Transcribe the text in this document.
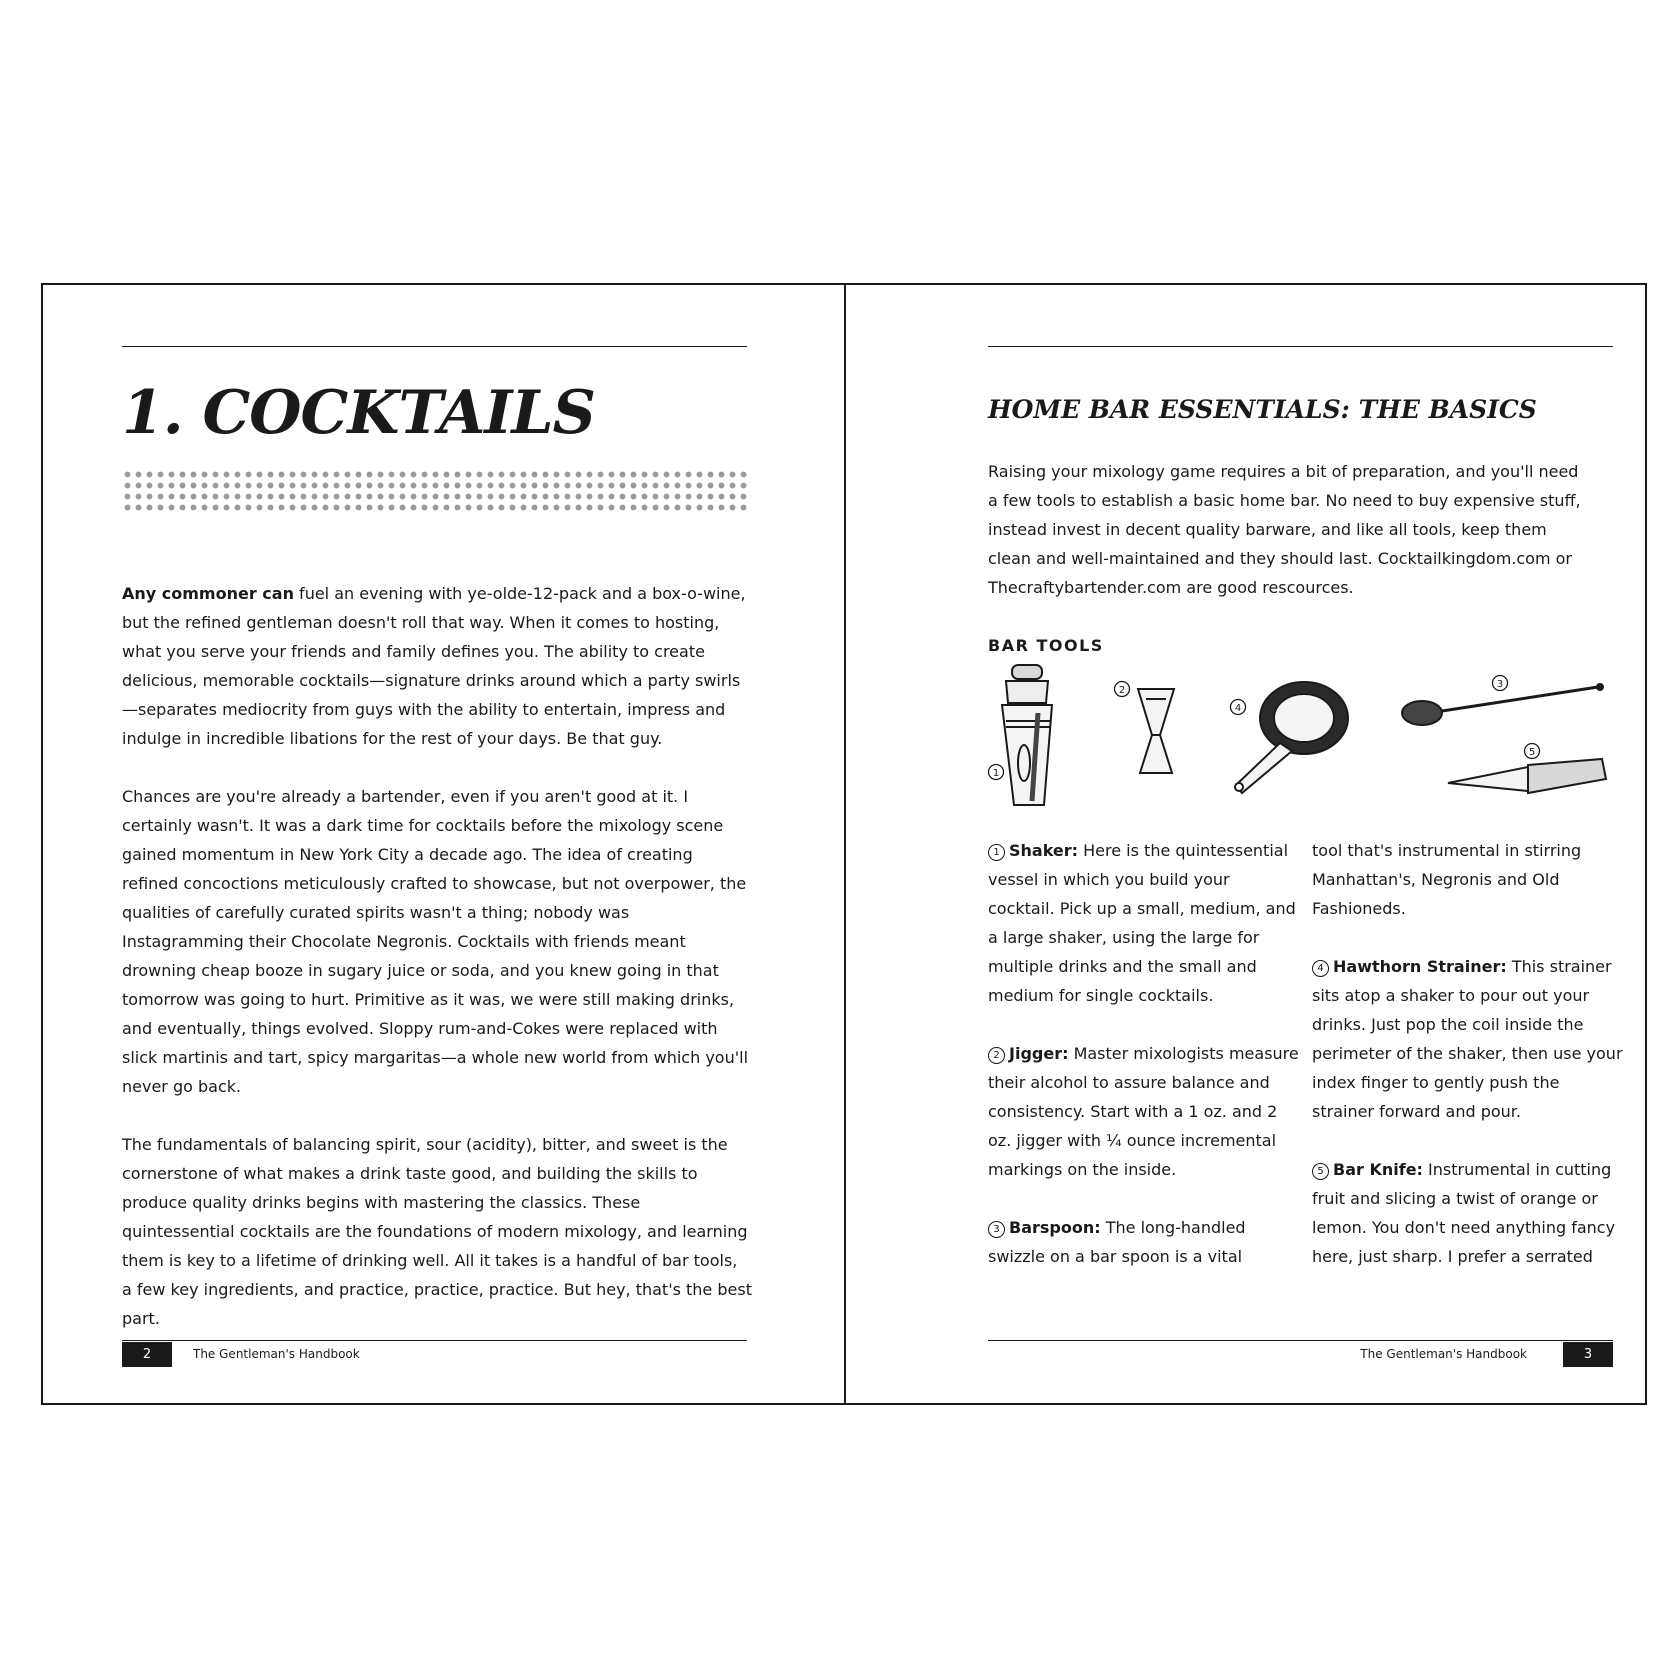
1. COCKTAILS

Any commoner can fuel an evening with ye-olde-12-pack and a box-o-wine, but the refined gentleman doesn't roll that way. When it comes to hosting, what you serve your friends and family defines you. The ability to create delicious, memorable cocktails—signature drinks around which a party swirls—separates mediocrity from guys with the ability to entertain, impress and indulge in incredible libations for the rest of your days. Be that guy.

Chances are you're already a bartender, even if you aren't good at it. I certainly wasn't. It was a dark time for cocktails before the mixology scene gained momentum in New York City a decade ago. The idea of creating refined concoctions meticulously crafted to showcase, but not overpower, the qualities of carefully curated spirits wasn't a thing; nobody was Instagramming their Chocolate Negronis. Cocktails with friends meant drowning cheap booze in sugary juice or soda, and you knew going in that tomorrow was going to hurt. Primitive as it was, we were still making drinks, and eventually, things evolved. Sloppy rum-and-Cokes were replaced with slick martinis and tart, spicy margaritas—a whole new world from which you'll never go back.

The fundamentals of balancing spirit, sour (acidity), bitter, and sweet is the cornerstone of what makes a drink taste good, and building the skills to produce quality drinks begins with mastering the classics. These quintessential cocktails are the foundations of modern mixology, and learning them is key to a lifetime of drinking well. All it takes is a handful of bar tools, a few key ingredients, and practice, practice, practice. But hey, that's the best part.

2	The Gentleman's Handbook
HOME BAR ESSENTIALS: THE BASICS
Raising your mixology game requires a bit of preparation, and you'll need a few tools to establish a basic home bar. No need to buy expensive stuff, instead invest in decent quality barware, and like all tools, keep them clean and well-maintained and they should last. Cocktailkingdom.com or Thecraftybartender.com are good rescources.
BAR TOOLS
1
2
3
4
5

1 Shaker: Here is the quintessential vessel in which you build your cocktail. Pick up a small, medium, and a large shaker, using the large for multiple drinks and the small and medium for single cocktails.

2 Jigger: Master mixologists measure their alcohol to assure balance and consistency. Start with a 1 oz. and 2 oz. jigger with ¼ ounce incremental markings on the inside.

3 Barspoon: The long-handled swizzle on a bar spoon is a vital

tool that's instrumental in stirring Manhattan's, Negronis and Old Fashioneds.

4 Hawthorn Strainer: This strainer sits atop a shaker to pour out your drinks. Just pop the coil inside the perimeter of the shaker, then use your index finger to gently push the strainer forward and pour.

5 Bar Knife: Instrumental in cutting fruit and slicing a twist of orange or lemon. You don't need anything fancy here, just sharp. I prefer a serrated

The Gentleman's Handbook	3
